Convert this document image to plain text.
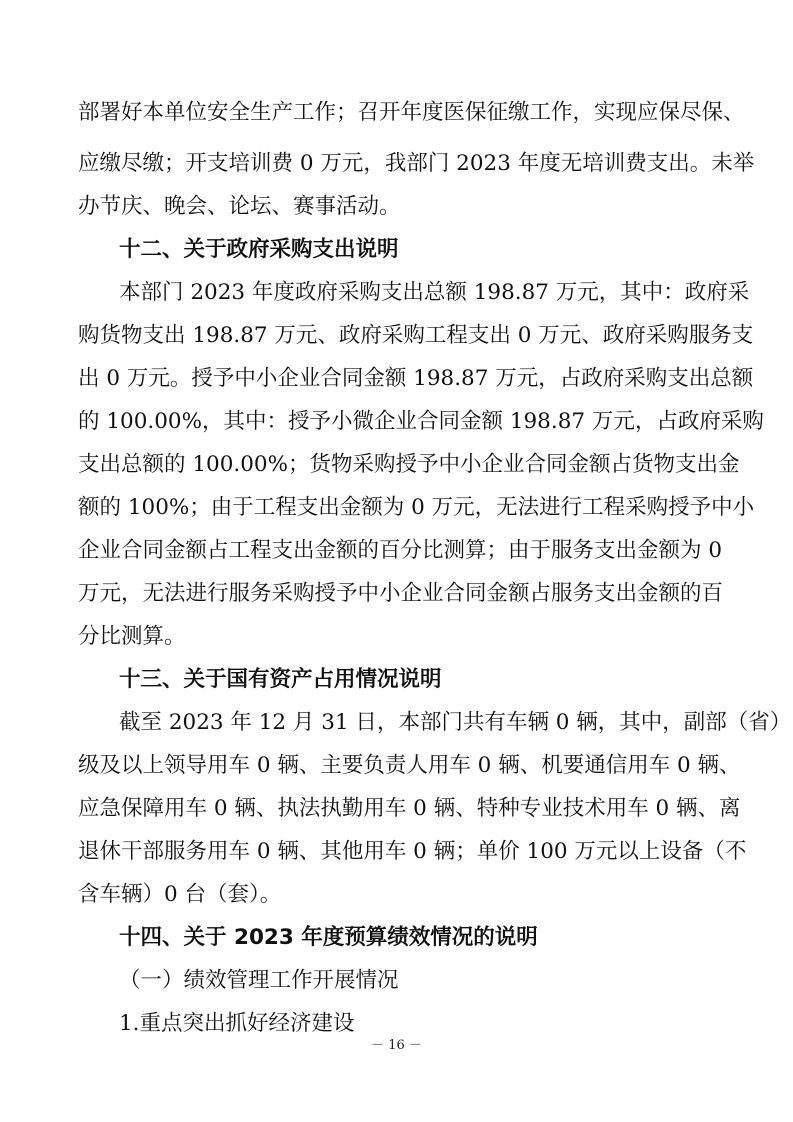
部署好本单位安全生产工作；召开年度医保征缴工作，实现应保尽保、
应缴尽缴；开支培训费 0 万元，我部门 2023 年度无培训费支出。未举
办节庆、晚会、论坛、赛事活动。
十二、关于政府采购支出说明
本部门 2023 年度政府采购支出总额 198.87 万元，其中：政府采
购货物支出 198.87 万元、政府采购工程支出 0 万元、政府采购服务支
出 0 万元。授予中小企业合同金额 198.87 万元，占政府采购支出总额
的 100.00%，其中：授予小微企业合同金额 198.87 万元，占政府采购
支出总额的 100.00%；货物采购授予中小企业合同金额占货物支出金
额的 100%；由于工程支出金额为 0 万元，无法进行工程采购授予中小
企业合同金额占工程支出金额的百分比测算；由于服务支出金额为 0
万元，无法进行服务采购授予中小企业合同金额占服务支出金额的百
分比测算。
十三、关于国有资产占用情况说明
截至 2023 年 12 月 31 日，本部门共有车辆 0 辆，其中，副部（省）
级及以上领导用车 0 辆、主要负责人用车 0 辆、机要通信用车 0 辆、
应急保障用车 0 辆、执法执勤用车 0 辆、特种专业技术用车 0 辆、离
退休干部服务用车 0 辆、其他用车 0 辆；单价 100 万元以上设备（不
含车辆）0 台（套）。
十四、关于 2023 年度预算绩效情况的说明
（一）绩效管理工作开展情况
1.重点突出抓好经济建设
－ 16 －
